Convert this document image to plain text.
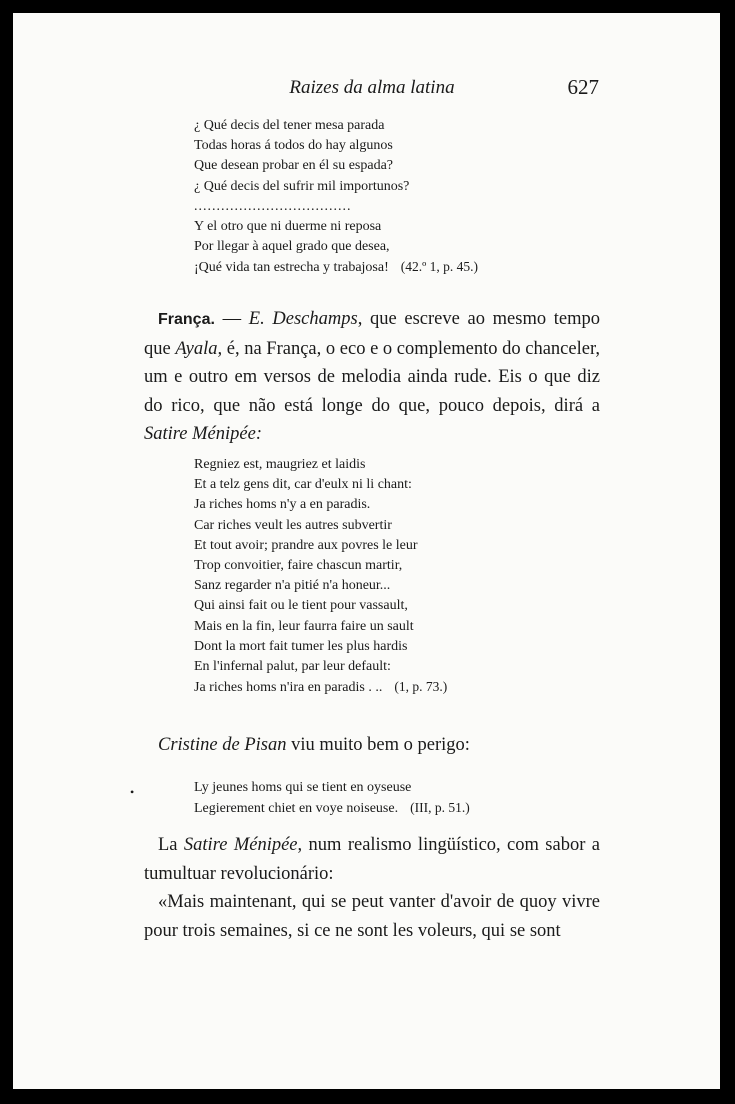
Raizes da alma latina	627
¿ Qué decis del tener mesa parada
Todas horas á todos do hay algunos
Que desean probar en él su espada?
¿ Qué decis del sufrir mil importunos?
...................................
Y el otro que ni duerme ni reposa
Por llegar à aquel grado que desea,
¡Qué vida tan estrecha y trabajosa! (42.º 1, p. 45.)

França. — E. Deschamps, que escreve ao mesmo tempo que Ayala, é, na França, o eco e o complemento do chanceler, um e outro em versos de melodia ainda rude. Eis o que diz do rico, que não está longe do que, pouco depois, dirá a Satire Ménipée:

Regniez est, maugriez et laidis
Et a telz gens dit, car d'eulx ni li chant:
Ja riches homs n'y a en paradis.
Car riches veult les autres subvertir
Et tout avoir; prandre aux povres le leur
Trop convoitier, faire chascun martir,
Sanz regarder n'a pitié n'a honeur...
Qui ainsi fait ou le tient pour vassault,
Mais en la fin, leur faurra faire un sault
Dont la mort fait tumer les plus hardis
En l'infernal palut, par leur default:
Ja riches homs n'ira en paradis . .. (1, p. 73.)

Cristine de Pisan viu muito bem o perigo:

•	Ly jeunes homs qui se tient en oyseuse
Legierement chiet en voye noiseuse. (III, p. 51.)

La Satire Ménipée, num realismo lingüístico, com sabor a tumultuar revolucionário:

«Mais maintenant, qui se peut vanter d'avoir de quoy vivre pour trois semaines, si ce ne sont les voleurs, qui se sont
